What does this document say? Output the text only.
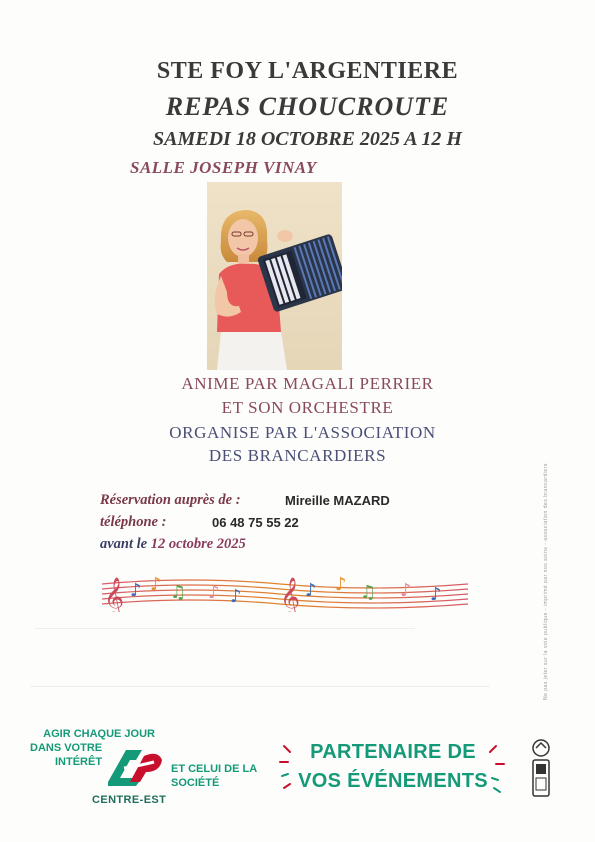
STE FOY L'ARGENTIERE
REPAS CHOUCROUTE
SAMEDI 18 OCTOBRE 2025 A 12 H
SALLE JOSEPH VINAY
ANIME PAR MAGALI PERRIER
ET SON ORCHESTRE
ORGANISE PAR L'ASSOCIATION
DES BRANCARDIERS
Réservation auprès de :	Mireille MAZARD
téléphone :	06 48 75 55 22
avant le 12 octobre 2025
𝄞	𝄞
♪ ♪ ♫ ♪ ♪	♪ ♪ ♫ ♪ ♪	Ne pas jeter sur la voie publique - imprimé par nos soins - association des brancardiers
AGIR CHAQUE JOUR
DANS VOTRE
INTÉRÊT
ET CELUI DE LA
SOCIÉTÉ
CENTRE-EST
PARTENAIRE DE
VOS ÉVÉNEMENTS
